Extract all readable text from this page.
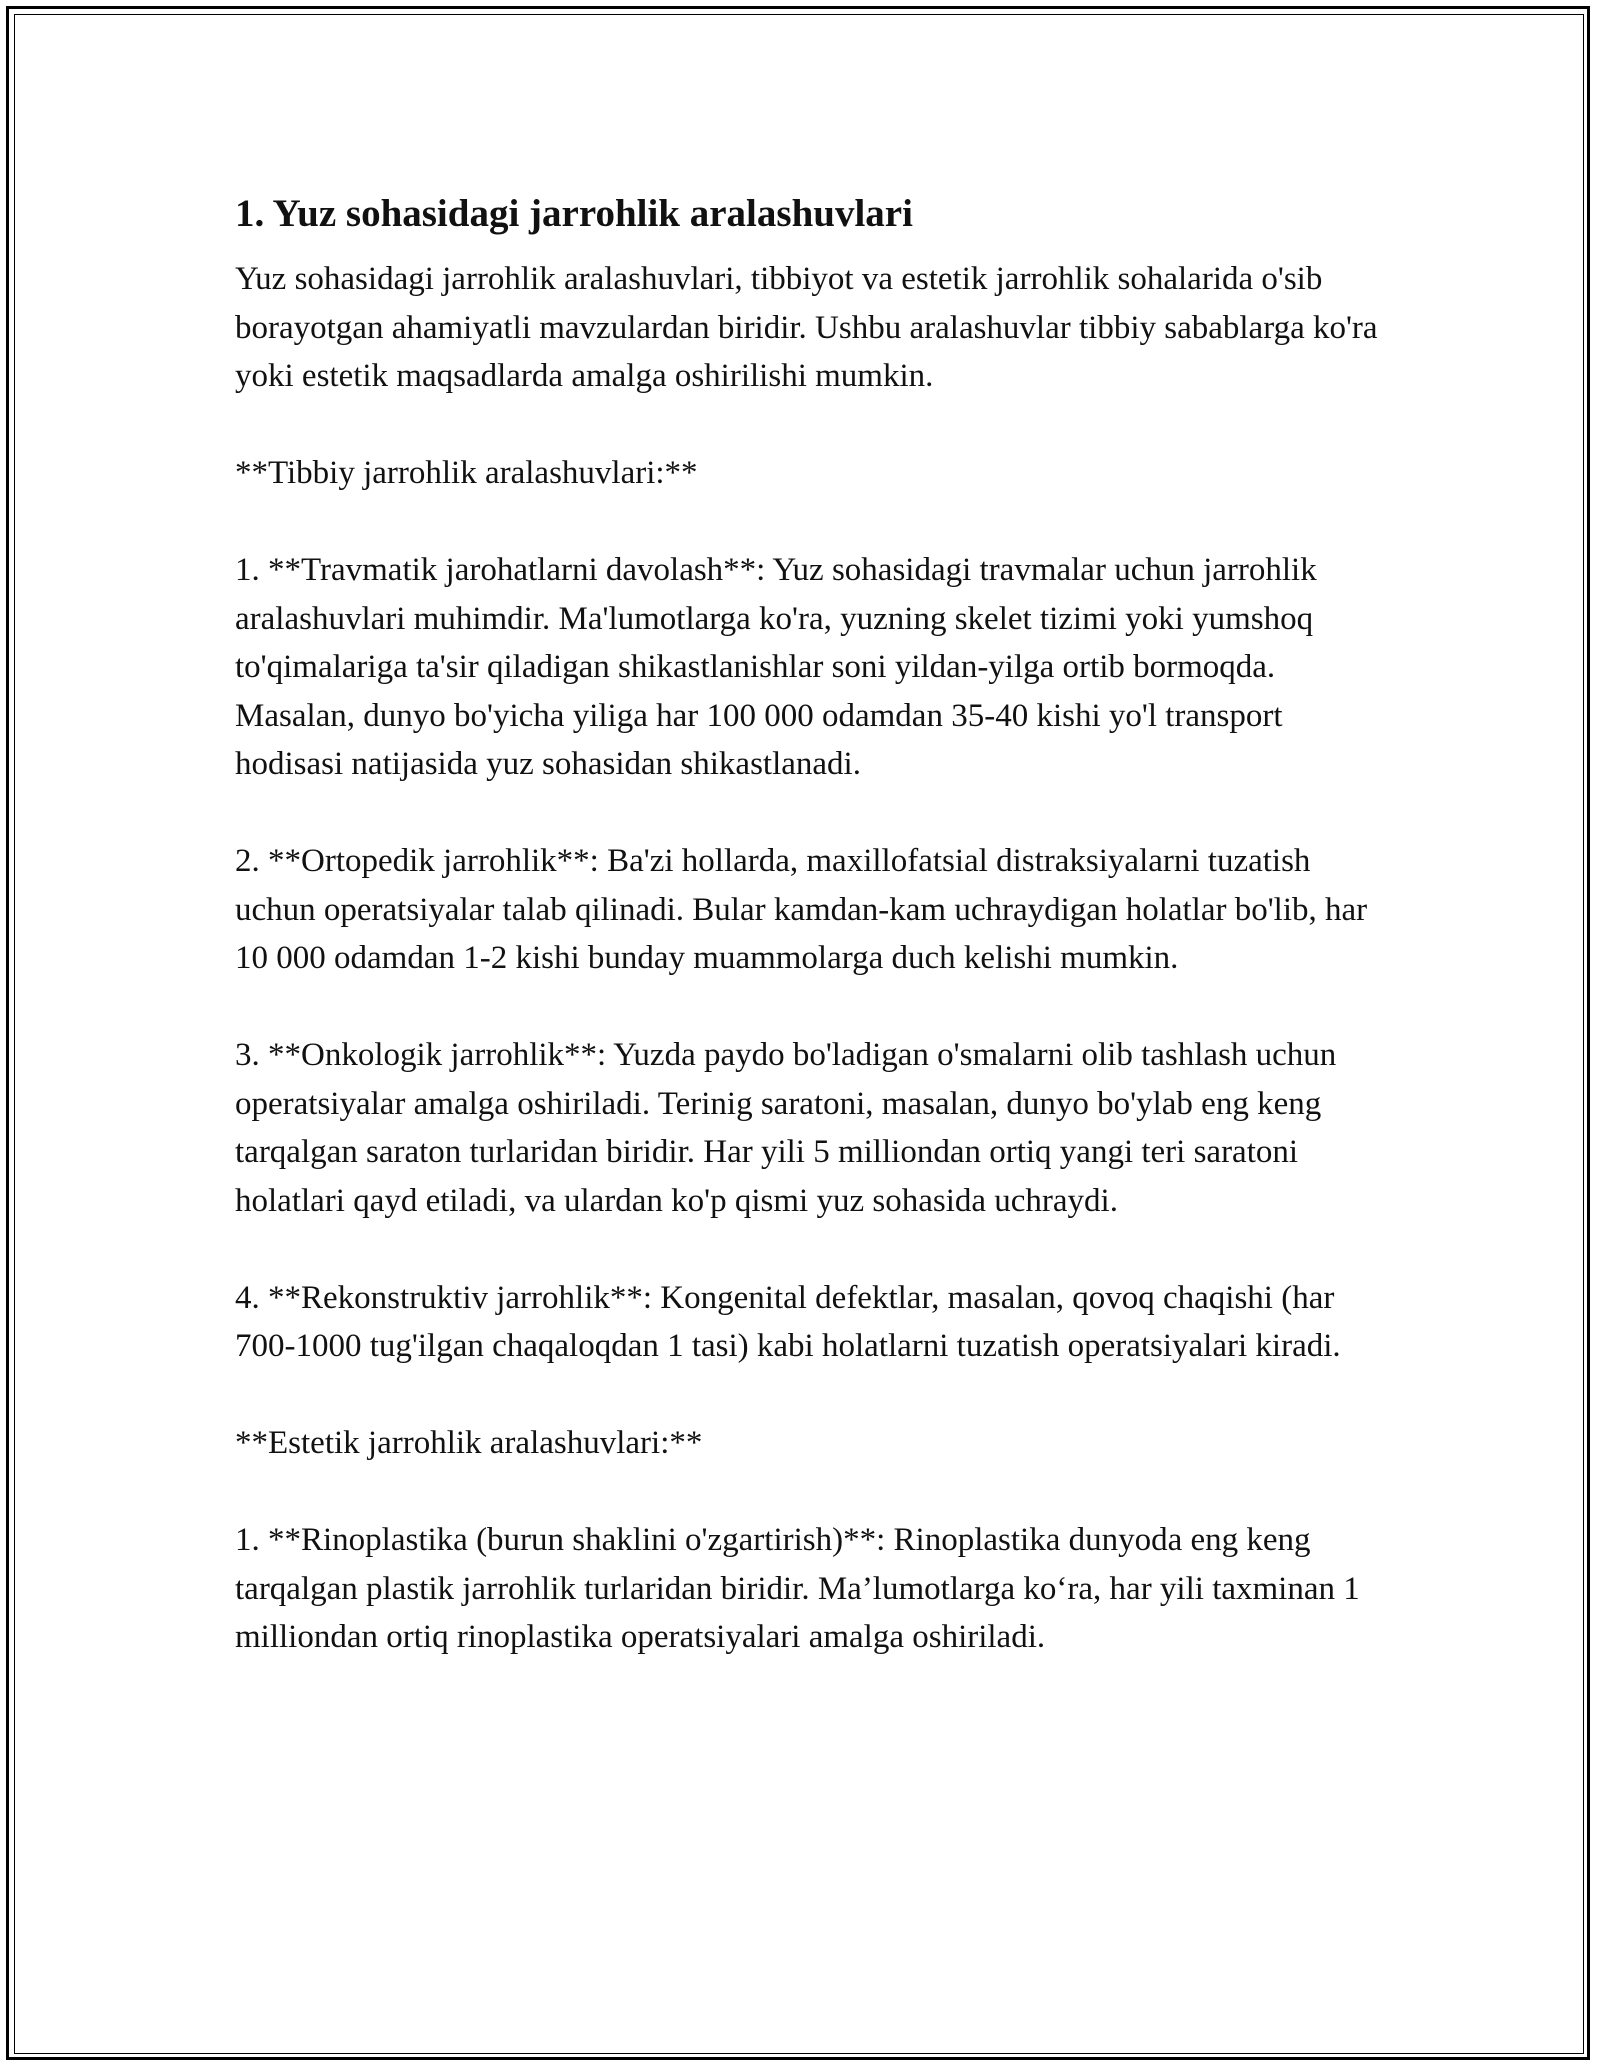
1. Yuz sohasidagi jarrohlik aralashuvlari

Yuz sohasidagi jarrohlik aralashuvlari, tibbiyot va estetik jarrohlik sohalarida o'sib borayotgan ahamiyatli mavzulardan biridir. Ushbu aralashuvlar tibbiy sabablarga ko'ra yoki estetik maqsadlarda amalga oshirilishi mumkin.

**Tibbiy jarrohlik aralashuvlari:**

1. **Travmatik jarohatlarni davolash**: Yuz sohasidagi travmalar uchun jarrohlik aralashuvlari muhimdir. Ma'lumotlarga ko'ra, yuzning skelet tizimi yoki yumshoq to'qimalariga ta'sir qiladigan shikastlanishlar soni yildan-yilga ortib bormoqda. Masalan, dunyo bo'yicha yiliga har 100 000 odamdan 35-40 kishi yo'l transport hodisasi natijasida yuz sohasidan shikastlanadi.

2. **Ortopedik jarrohlik**: Ba'zi hollarda, maxillofatsial distraksiyalarni tuzatish uchun operatsiyalar talab qilinadi. Bular kamdan-kam uchraydigan holatlar bo'lib, har 10 000 odamdan 1-2 kishi bunday muammolarga duch kelishi mumkin.

3. **Onkologik jarrohlik**: Yuzda paydo bo'ladigan o'smalarni olib tashlash uchun operatsiyalar amalga oshiriladi. Terinig saratoni, masalan, dunyo bo'ylab eng keng tarqalgan saraton turlaridan biridir. Har yili 5 milliondan ortiq yangi teri saratoni holatlari qayd etiladi, va ulardan ko'p qismi yuz sohasida uchraydi.

4. **Rekonstruktiv jarrohlik**: Kongenital defektlar, masalan, qovoq chaqishi (har 700-1000 tug'ilgan chaqaloqdan 1 tasi) kabi holatlarni tuzatish operatsiyalari kiradi.

**Estetik jarrohlik aralashuvlari:**

1. **Rinoplastika (burun shaklini o'zgartirish)**: Rinoplastika dunyoda eng keng tarqalgan plastik jarrohlik turlaridan biridir. Ma’lumotlarga ko‘ra, har yili taxminan 1 milliondan ortiq rinoplastika operatsiyalari amalga oshiriladi.
